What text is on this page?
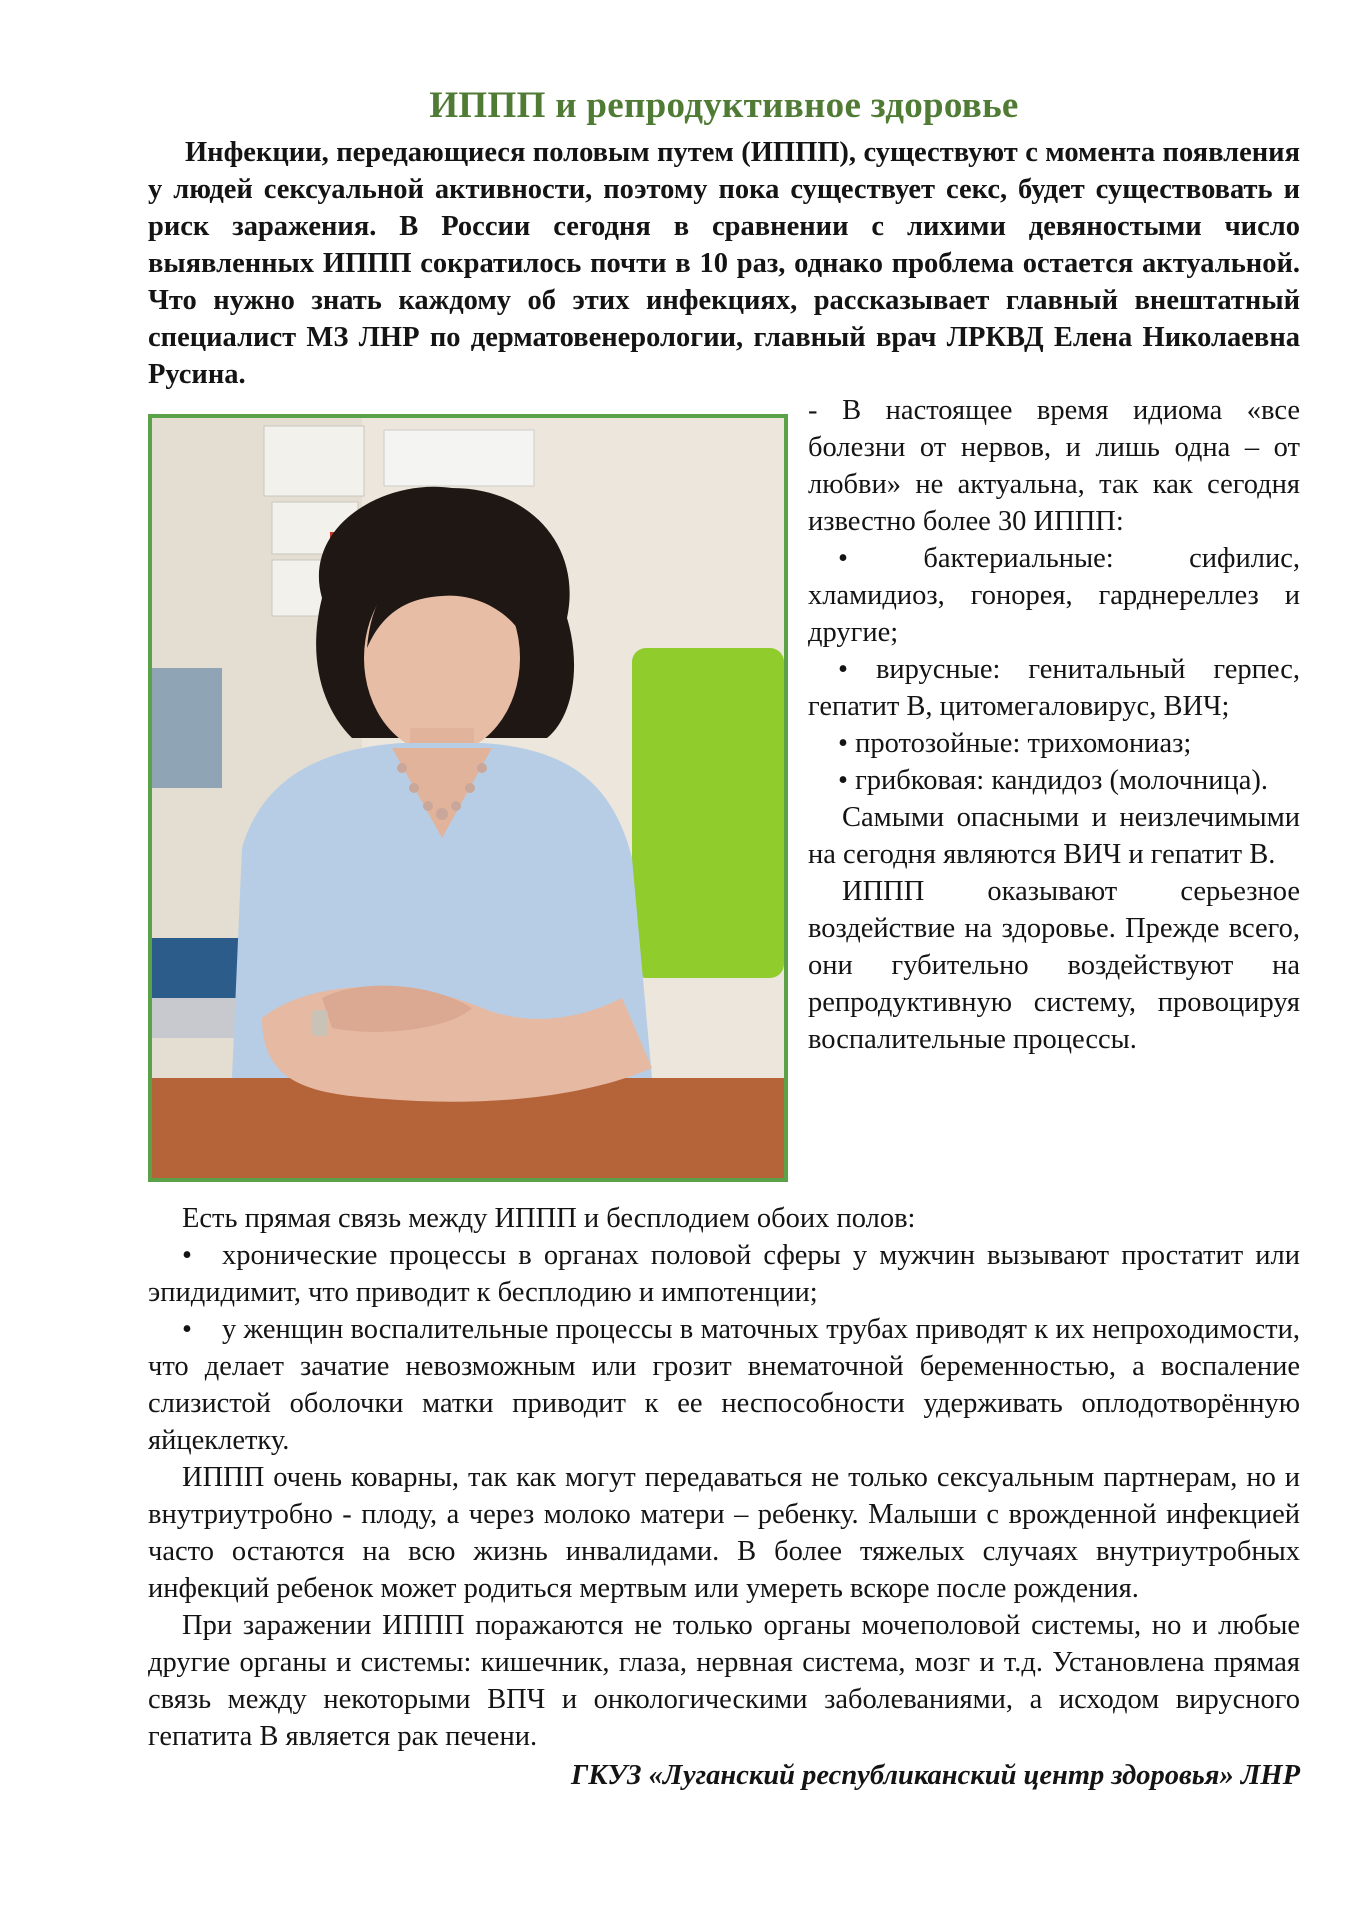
ИППП и репродуктивное здоровье
Инфекции, передающиеся половым путем (ИППП), существуют с момента появления у людей сексуальной активности, поэтому пока существует секс, будет существовать и риск заражения. В России сегодня в сравнении с лихими девяностыми число выявленных ИППП сократилось почти в 10 раз, однако проблема остается актуальной. Что нужно знать каждому об этих инфекциях, рассказывает главный внештатный специалист МЗ ЛНР по дерматовенерологии, главный врач ЛРКВД Елена Николаевна Русина.

- В настоящее время идиома «все болезни от нервов, и лишь одна – от любви» не актуальна, так как сегодня известно более 30 ИППП:

• бактериальные: сифилис, хламидиоз, гонорея, гарднереллез и другие;
• вирусные: генитальный герпес, гепатит В, цитомегаловирус, ВИЧ;
• протозойные: трихомониаз;
• грибковая: кандидоз (молочница).

Самыми опасными и неизлечимыми на сегодня являются ВИЧ и гепатит В.

ИППП оказывают серьезное воздействие на здоровье. Прежде всего, они губительно воздействуют на репродуктивную систему, провоцируя воспалительные процессы.

Есть прямая связь между ИППП и бесплодием обоих полов:

• хронические процессы в органах половой сферы у мужчин вызывают простатит или эпидидимит, что приводит к бесплодию и импотенции;
• у женщин воспалительные процессы в маточных трубах приводят к их непроходимости, что делает зачатие невозможным или грозит внематочной беременностью, а воспаление слизистой оболочки матки приводит к ее неспособности удерживать оплодотворённую яйцеклетку.

ИППП очень коварны, так как могут передаваться не только сексуальным партнерам, но и внутриутробно - плоду, а через молоко матери – ребенку. Малыши с врожденной инфекцией часто остаются на всю жизнь инвалидами. В более тяжелых случаях внутриутробных инфекций ребенок может родиться мертвым или умереть вскоре после рождения.

При заражении ИППП поражаются не только органы мочеполовой системы, но и любые другие органы и системы: кишечник, глаза, нервная система, мозг и т.д. Установлена прямая связь между некоторыми ВПЧ и онкологическими заболеваниями, а исходом вирусного гепатита В является рак печени.

ГКУЗ «Луганский республиканский центр здоровья» ЛНР
